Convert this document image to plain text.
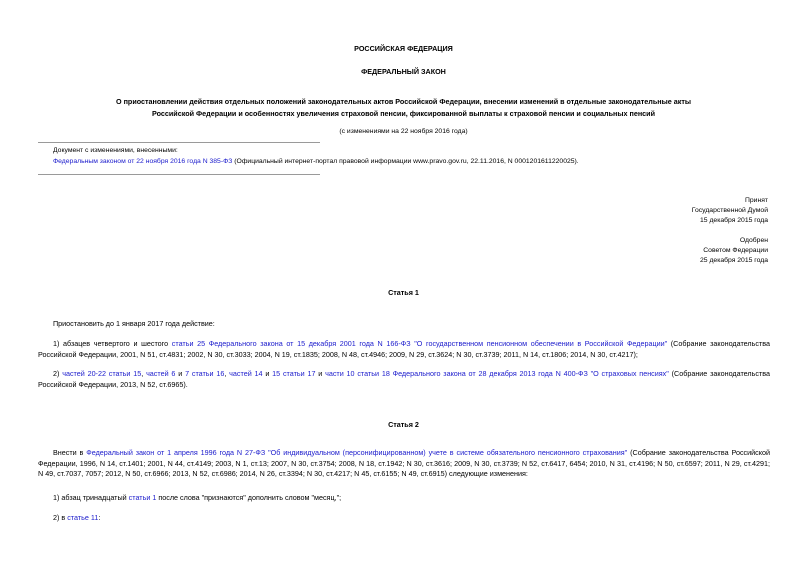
РОССИЙСКАЯ ФЕДЕРАЦИЯ
ФЕДЕРАЛЬНЫЙ ЗАКОН
О приостановлении действия отдельных положений законодательных актов Российской Федерации, внесении изменений в отдельные законодательные акты
Российской Федерации и особенностях увеличения страховой пенсии, фиксированной выплаты к страховой пенсии и социальных пенсий
(с изменениями на 22 ноября 2016 года)
Документ с изменениями, внесенными:
Федеральным законом от 22 ноября 2016 года N 385-ФЗ (Официальный интернет-портал правовой информации www.pravo.gov.ru, 22.11.2016, N 0001201611220025).
Принят
Государственной Думой
15 декабря 2015 года
Одобрен
Советом Федерации
25 декабря 2015 года
Статья 1
Приостановить до 1 января 2017 года действие:
1) абзацев четвертого и шестого статьи 25 Федерального закона от 15 декабря 2001 года N 166-ФЗ "О государственном пенсионном обеспечении в Российской Федерации" (Собрание законодательства Российской Федерации, 2001, N 51, ст.4831; 2002, N 30, ст.3033; 2004, N 19, ст.1835; 2008, N 48, ст.4946; 2009, N 29, ст.3624; N 30, ст.3739; 2011, N 14, ст.1806; 2014, N 30, ст.4217);
2) частей 20-22 статьи 15, частей 6 и 7 статьи 16, частей 14 и 15 статьи 17 и части 10 статьи 18 Федерального закона от 28 декабря 2013 года N 400-ФЗ "О страховых пенсиях" (Собрание законодательства Российской Федерации, 2013, N 52, ст.6965).
Статья 2
Внести в Федеральный закон от 1 апреля 1996 года N 27-ФЗ "Об индивидуальном (персонифицированном) учете в системе обязательного пенсионного страхования" (Собрание законодательства Российской Федерации, 1996, N 14, ст.1401; 2001, N 44, ст.4149; 2003, N 1, ст.13; 2007, N 30, ст.3754; 2008, N 18, ст.1942; N 30, ст.3616; 2009, N 30, ст.3739; N 52, ст.6417, 6454; 2010, N 31, ст.4196; N 50, ст.6597; 2011, N 29, ст.4291; N 49, ст.7037, 7057; 2012, N 50, ст.6966; 2013, N 52, ст.6986; 2014, N 26, ст.3394; N 30, ст.4217; N 45, ст.6155; N 49, ст.6915) следующие изменения:
1) абзац тринадцатый статьи 1 после слова "признаются" дополнить словом "месяц,";
2) в статье 11:
